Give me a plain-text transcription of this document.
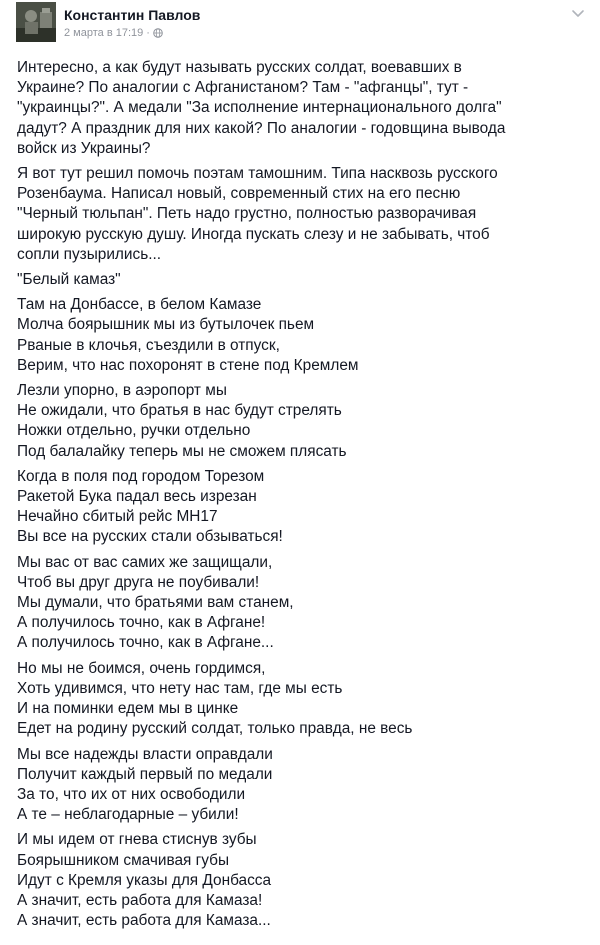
Константин Павлов
2 марта в 17:19 ·
Интересно, а как будут называть русских солдат, воевавших в
Украине? По аналогии с Афганистаном? Там - "афганцы", тут -
"украинцы?". А медали "За исполнение интернационального долга"
дадут? А праздник для них какой? По аналогии - годовщина вывода
войск из Украины?
Я вот тут решил помочь поэтам тамошним. Типа насквозь русского
Розенбаума. Написал новый, современный стих на его песню
"Черный тюльпан". Петь надо грустно, полностью разворачивая
широкую русскую душу. Иногда пускать слезу и не забывать, чтоб
сопли пузырились...
"Белый камаз"
Там на Донбассе, в белом Камазе
Молча боярышник мы из бутылочек пьем
Рваные в клочья, съездили в отпуск,
Верим, что нас похоронят в стене под Кремлем
Лезли упорно, в аэропорт мы
Не ожидали, что братья в нас будут стрелять
Ножки отдельно, ручки отдельно
Под балалайку теперь мы не сможем плясать
Когда в поля под городом Торезом
Ракетой Бука падал весь изрезан
Нечайно сбитый рейс МН17
Вы все на русских стали обзываться!
Мы вас от вас самих же защищали,
Чтоб вы друг друга не поубивали!
Мы думали, что братьями вам станем,
А получилось точно, как в Афгане!
А получилось точно, как в Афгане...
Но мы не боимся, очень гордимся,
Хоть удивимся, что нету нас там, где мы есть
И на поминки едем мы в цинке
Едет на родину русский солдат, только правда, не весь
Мы все надежды власти оправдали
Получит каждый первый по медали
За то, что их от них освободили
А те – неблагодарные – убили!
И мы идем от гнева стиснув зубы
Боярышником смачивая губы
Идут с Кремля указы для Донбасса
А значит, есть работа для Камаза!
А значит, есть работа для Камаза...
